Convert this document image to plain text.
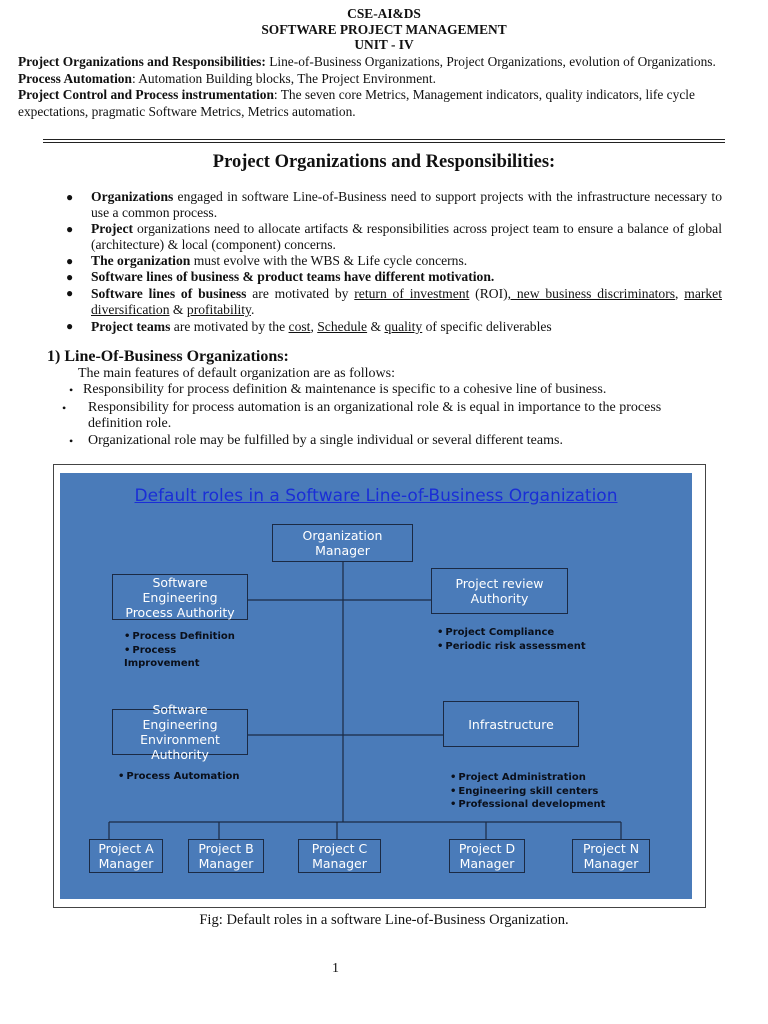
CSE-AI&DS
SOFTWARE PROJECT MANAGEMENT
UNIT - IV

Project Organizations and Responsibilities: Line-of-Business Organizations, Project Organizations, evolution of Organizations.

Process Automation: Automation Building blocks, The Project Environment.

Project Control and Process instrumentation: The seven core Metrics, Management indicators, quality indicators, life cycle expectations, pragmatic Software Metrics, Metrics automation.

Project Organizations and Responsibilities:
● Organizations engaged in software Line-of-Business need to support projects with the infrastructure necessary to use a common process.
● Project organizations need to allocate artifacts & responsibilities across project team to ensure a balance of global (architecture) & local (component) concerns.
● The organization must evolve with the WBS & Life cycle concerns.
● Software lines of business & product teams have different motivation.
● Software lines of business are motivated by return of investment (ROI), new business discriminators, market diversification & profitability.
● Project teams are motivated by the cost, Schedule & quality of specific deliverables
1) Line-Of-Business Organizations:
The main features of default organization are as follows:
• Responsibility for process definition & maintenance is specific to a cohesive line of business.
• Responsibility for process automation is an organizational role & is equal in importance to the process definition role.
• Organizational role may be fulfilled by a single individual or several different teams.
Default roles in a Software Line-of-Business Organization
Organization
Manager
Software Engineering
Process Authority
Project review
Authority
Software Engineering
Environment Authority
Infrastructure
• Process Definition
• Process
Improvement
• Project Compliance
• Periodic risk assessment
• Process Automation
•	Project Administration
• Engineering skill centers
• Professional development
Project A
Manager
Project B
Manager
Project C
Manager
Project D
Manager
Project N
Manager
Fig: Default roles in a software Line-of-Business Organization.
1
